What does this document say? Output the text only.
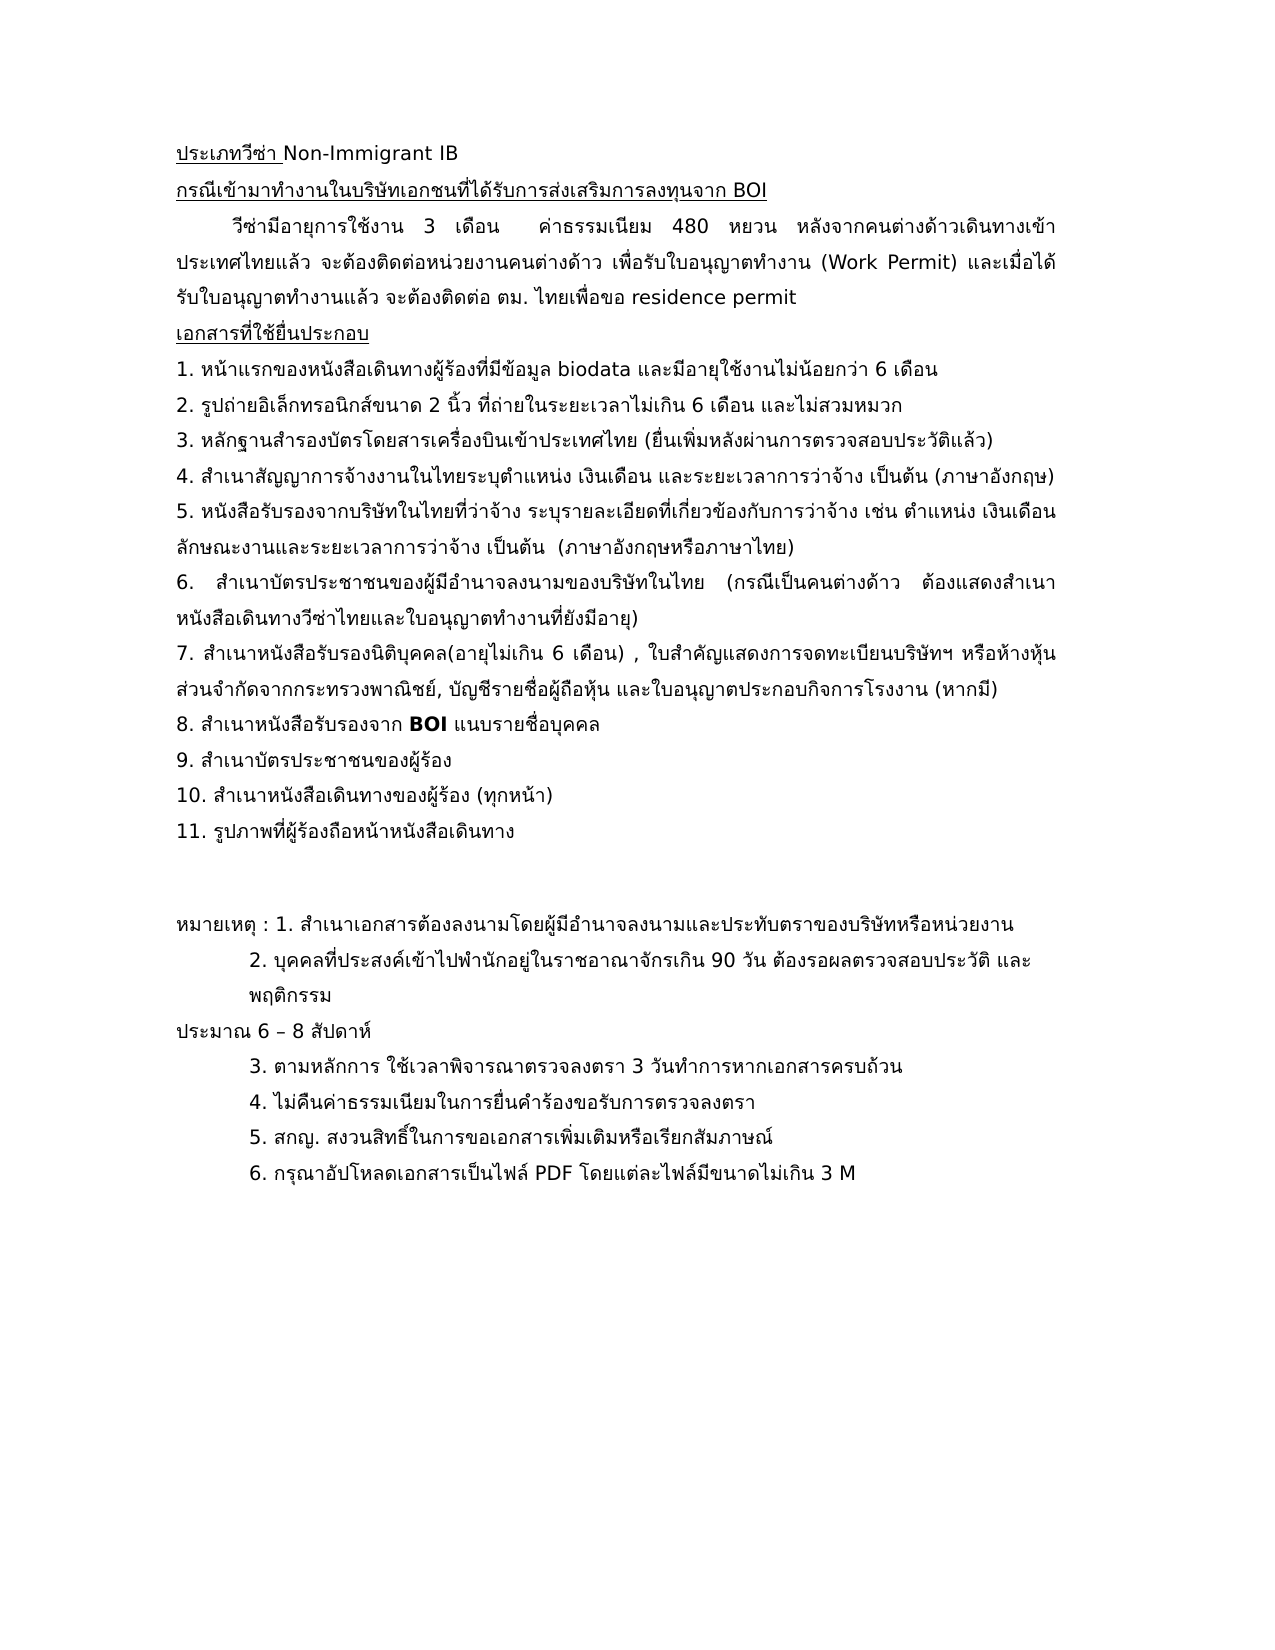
ประเภทวีซ่า Non-Immigrant IB
กรณีเข้ามาทำงานในบริษัทเอกชนที่ได้รับการส่งเสริมการลงทุนจาก BOI

วีซ่ามีอายุการใช้งาน 3 เดือน  ค่าธรรมเนียม 480 หยวน หลังจากคนต่างด้าวเดินทางเข้าประเทศไทยแล้ว จะต้องติดต่อหน่วยงานคนต่างด้าว เพื่อรับใบอนุญาตทำงาน (Work Permit) และเมื่อได้รับใบอนุญาตทำงานแล้ว จะต้องติดต่อ ตม. ไทยเพื่อขอ residence permit

เอกสารที่ใช้ยื่นประกอบ

1. หน้าแรกของหนังสือเดินทางผู้ร้องที่มีข้อมูล biodata และมีอายุใช้งานไม่น้อยกว่า 6 เดือน

2. รูปถ่ายอิเล็กทรอนิกส์ขนาด 2 นิ้ว ที่ถ่ายในระยะเวลาไม่เกิน 6 เดือน และไม่สวมหมวก

3. หลักฐานสำรองบัตรโดยสารเครื่องบินเข้าประเทศไทย (ยื่นเพิ่มหลังผ่านการตรวจสอบประวัติแล้ว)

4. สำเนาสัญญาการจ้างงานในไทยระบุตำแหน่ง เงินเดือน และระยะเวลาการว่าจ้าง เป็นต้น (ภาษาอังกฤษ)

5. หนังสือรับรองจากบริษัทในไทยที่ว่าจ้าง ระบุรายละเอียดที่เกี่ยวข้องกับการว่าจ้าง เช่น ตำแหน่ง เงินเดือน ลักษณะงานและระยะเวลาการว่าจ้าง เป็นต้น  (ภาษาอังกฤษหรือภาษาไทย)

6. สำเนาบัตรประชาชนของผู้มีอำนาจลงนามของบริษัทในไทย (กรณีเป็นคนต่างด้าว ต้องแสดงสำเนาหนังสือเดินทางวีซ่าไทยและใบอนุญาตทำงานที่ยังมีอายุ)

7. สำเนาหนังสือรับรองนิติบุคคล(อายุไม่เกิน 6 เดือน) , ใบสำคัญแสดงการจดทะเบียนบริษัทฯ หรือห้างหุ้นส่วนจำกัดจากกระทรวงพาณิชย์, บัญชีรายชื่อผู้ถือหุ้น และใบอนุญาตประกอบกิจการโรงงาน (หากมี)

8. สำเนาหนังสือรับรองจาก BOI แนบรายชื่อบุคคล

9. สำเนาบัตรประชาชนของผู้ร้อง

10. สำเนาหนังสือเดินทางของผู้ร้อง (ทุกหน้า)

11. รูปภาพที่ผู้ร้องถือหน้าหนังสือเดินทาง

หมายเหตุ : 1. สำเนาเอกสารต้องลงนามโดยผู้มีอำนาจลงนามและประทับตราของบริษัทหรือหน่วยงาน

2. บุคคลที่ประสงค์เข้าไปพำนักอยู่ในราชอาณาจักรเกิน 90 วัน ต้องรอผลตรวจสอบประวัติ และพฤติกรรม

ประมาณ 6 – 8 สัปดาห์

3. ตามหลักการ ใช้เวลาพิจารณาตรวจลงตรา 3 วันทำการหากเอกสารครบถ้วน

4. ไม่คืนค่าธรรมเนียมในการยื่นคำร้องขอรับการตรวจลงตรา

5. สกญ. สงวนสิทธิ์ในการขอเอกสารเพิ่มเติมหรือเรียกสัมภาษณ์

6. กรุณาอัปโหลดเอกสารเป็นไฟล์ PDF โดยแต่ละไฟล์มีขนาดไม่เกิน 3 M
